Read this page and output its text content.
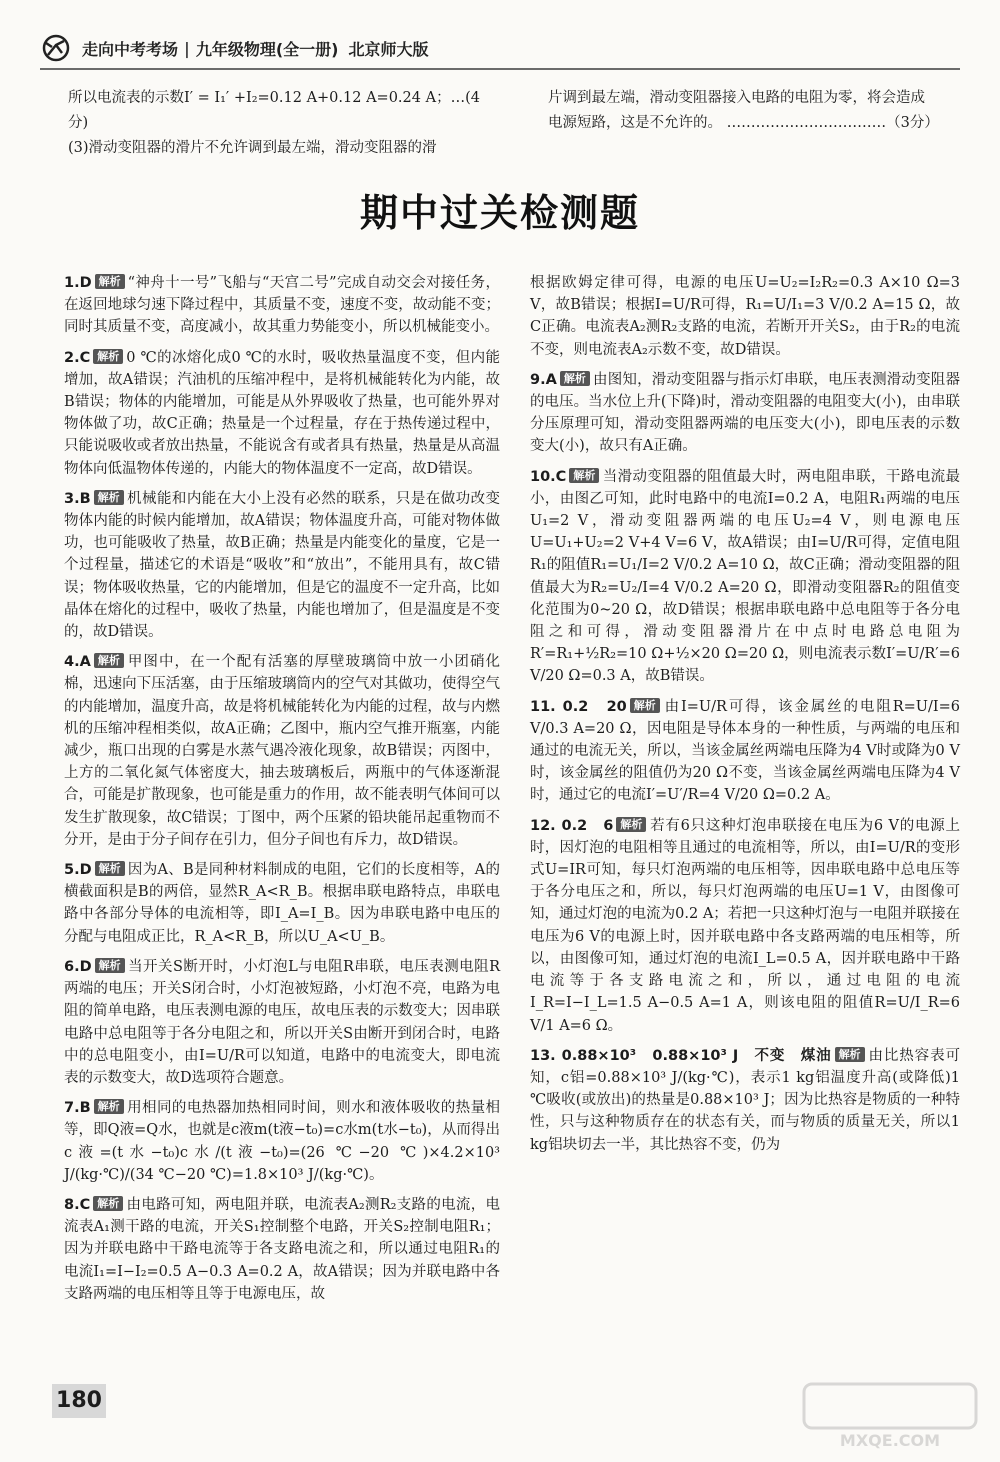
走向中考考场 | 九年级物理(全一册) 北京师大版
所以电流表的示数I′ = I₁′ +I₂=0.12 A+0.12 A=0.24 A；…(4分)
(3)滑动变阻器的滑片不允许调到最左端，滑动变阻器的滑
片调到最左端，滑动变阻器接入电路的电阻为零，将会造成
电源短路，这是不允许的。 ……………………………（3分）
期中过关检测题
1.D 解析 “神舟十一号”飞船与“天宫二号”完成自动交会对接任务，在返回地球匀速下降过程中，其质量不变，速度不变，故动能不变；同时其质量不变，高度减小，故其重力势能变小，所以机械能变小。
2.C 解析 0 ℃的冰熔化成0 ℃的水时，吸收热量温度不变，但内能增加，故A错误；汽油机的压缩冲程中，是将机械能转化为内能，故B错误；物体的内能增加，可能是从外界吸收了热量，也可能外界对物体做了功，故C正确；热量是一个过程量，存在于热传递过程中，只能说吸收或者放出热量，不能说含有或者具有热量，热量是从高温物体向低温物体传递的，内能大的物体温度不一定高，故D错误。
3.B 解析 机械能和内能在大小上没有必然的联系，只是在做功改变物体内能的时候内能增加，故A错误；物体温度升高，可能对物体做功，也可能吸收了热量，故B正确；热量是内能变化的量度，它是一个过程量，描述它的术语是“吸收”和“放出”，不能用具有，故C错误；物体吸收热量，它的内能增加，但是它的温度不一定升高，比如晶体在熔化的过程中，吸收了热量，内能也增加了，但是温度是不变的，故D错误。
4.A 解析 甲图中，在一个配有活塞的厚壁玻璃筒中放一小团硝化棉，迅速向下压活塞，由于压缩玻璃筒内的空气对其做功，使得空气的内能增加，温度升高，故是将机械能转化为内能的过程，故与内燃机的压缩冲程相类似，故A正确；乙图中，瓶内空气推开瓶塞，内能减少，瓶口出现的白雾是水蒸气遇冷液化现象，故B错误；丙图中，上方的二氧化氮气体密度大，抽去玻璃板后，两瓶中的气体逐渐混合，可能是扩散现象，也可能是重力的作用，故不能表明气体间可以发生扩散现象，故C错误；丁图中，两个压紧的铅块能吊起重物而不分开，是由于分子间存在引力，但分子间也有斥力，故D错误。
5.D 解析 因为A、B是同种材料制成的电阻，它们的长度相等，A的横截面积是B的两倍，显然R_A<R_B。根据串联电路特点，串联电路中各部分导体的电流相等，即I_A=I_B。因为串联电路中电压的分配与电阻成正比，R_A<R_B，所以U_A<U_B。
6.D 解析 当开关S断开时，小灯泡L与电阻R串联，电压表测电阻R两端的电压；开关S闭合时，小灯泡被短路，小灯泡不亮，电路为电阻的简单电路，电压表测电源的电压，故电压表的示数变大；因串联电路中总电阻等于各分电阻之和，所以开关S由断开到闭合时，电路中的总电阻变小，由I=U/R可以知道，电路中的电流变大，即电流表的示数变大，故D选项符合题意。
7.B 解析 用相同的电热器加热相同时间，则水和液体吸收的热量相等，即Q液=Q水，也就是c液m(t液−t₀)=c水m(t水−t₀)，从而得出c液=(t水−t₀)c水/(t液−t₀)=(26 ℃−20 ℃)×4.2×10³ J/(kg·℃)/(34 ℃−20 ℃)=1.8×10³ J/(kg·℃)。
8.C 解析 由电路可知，两电阻并联，电流表A₂测R₂支路的电流，电流表A₁测干路的电流，开关S₁控制整个电路，开关S₂控制电阻R₁；因为并联电路中干路电流等于各支路电流之和，所以通过电阻R₁的电流I₁=I−I₂=0.5 A−0.3 A=0.2 A，故A错误；因为并联电路中各支路两端的电压相等且等于电源电压，故
根据欧姆定律可得，电源的电压U=U₂=I₂R₂=0.3 A×10 Ω=3 V，故B错误；根据I=U/R可得，R₁=U/I₁=3 V/0.2 A=15 Ω，故C正确。电流表A₂测R₂支路的电流，若断开开关S₂，由于R₂的电流不变，则电流表A₂示数不变，故D错误。
9.A 解析 由图知，滑动变阻器与指示灯串联，电压表测滑动变阻器的电压。当水位上升(下降)时，滑动变阻器的电阻变大(小)，由串联分压原理可知，滑动变阻器两端的电压变大(小)，即电压表的示数变大(小)，故只有A正确。
10.C 解析 当滑动变阻器的阻值最大时，两电阻串联，干路电流最小，由图乙可知，此时电路中的电流I=0.2 A，电阻R₁两端的电压U₁=2 V，滑动变阻器两端的电压U₂=4 V，则电源电压U=U₁+U₂=2 V+4 V=6 V，故A错误；由I=U/R可得，定值电阻R₁的阻值R₁=U₁/I=2 V/0.2 A=10 Ω，故C正确；滑动变阻器的阻值最大为R₂=U₂/I=4 V/0.2 A=20 Ω，即滑动变阻器R₂的阻值变化范围为0~20 Ω，故D错误；根据串联电路中总电阻等于各分电阻之和可得，滑动变阻器滑片在中点时电路总电阻为R′=R₁+½R₂=10 Ω+½×20 Ω=20 Ω，则电流表示数I′=U/R′=6 V/20 Ω=0.3 A，故B错误。
11. 0.2　20 解析 由I=U/R可得，该金属丝的电阻R=U/I=6 V/0.3 A=20 Ω，因电阻是导体本身的一种性质，与两端的电压和通过的电流无关，所以，当该金属丝两端电压降为4 V时或降为0 V时，该金属丝的阻值仍为20 Ω不变，当该金属丝两端电压降为4 V时，通过它的电流I′=U′/R=4 V/20 Ω=0.2 A。
12. 0.2　6 解析 若有6只这种灯泡串联接在电压为6 V的电源上时，因灯泡的电阻相等且通过的电流相等，所以，由I=U/R的变形式U=IR可知，每只灯泡两端的电压相等，因串联电路中总电压等于各分电压之和，所以，每只灯泡两端的电压U=1 V，由图像可知，通过灯泡的电流为0.2 A；若把一只这种灯泡与一电阻并联接在电压为6 V的电源上时，因并联电路中各支路两端的电压相等，所以，由图像可知，通过灯泡的电流I_L=0.5 A，因并联电路中干路电流等于各支路电流之和，所以，通过电阻的电流I_R=I−I_L=1.5 A−0.5 A=1 A，则该电阻的阻值R=U/I_R=6 V/1 A=6 Ω。
13. 0.88×10³　0.88×10³ J　不变　煤油 解析 由比热容表可知，c铝=0.88×10³ J/(kg·℃)，表示1 kg铝温度升高(或降低)1 ℃吸收(或放出)的热量是0.88×10³ J；因为比热容是物质的一种特性，只与这种物质存在的状态有关，而与物质的质量无关，所以1 kg铝块切去一半，其比热容不变，仍为
180
MXQE.COM
